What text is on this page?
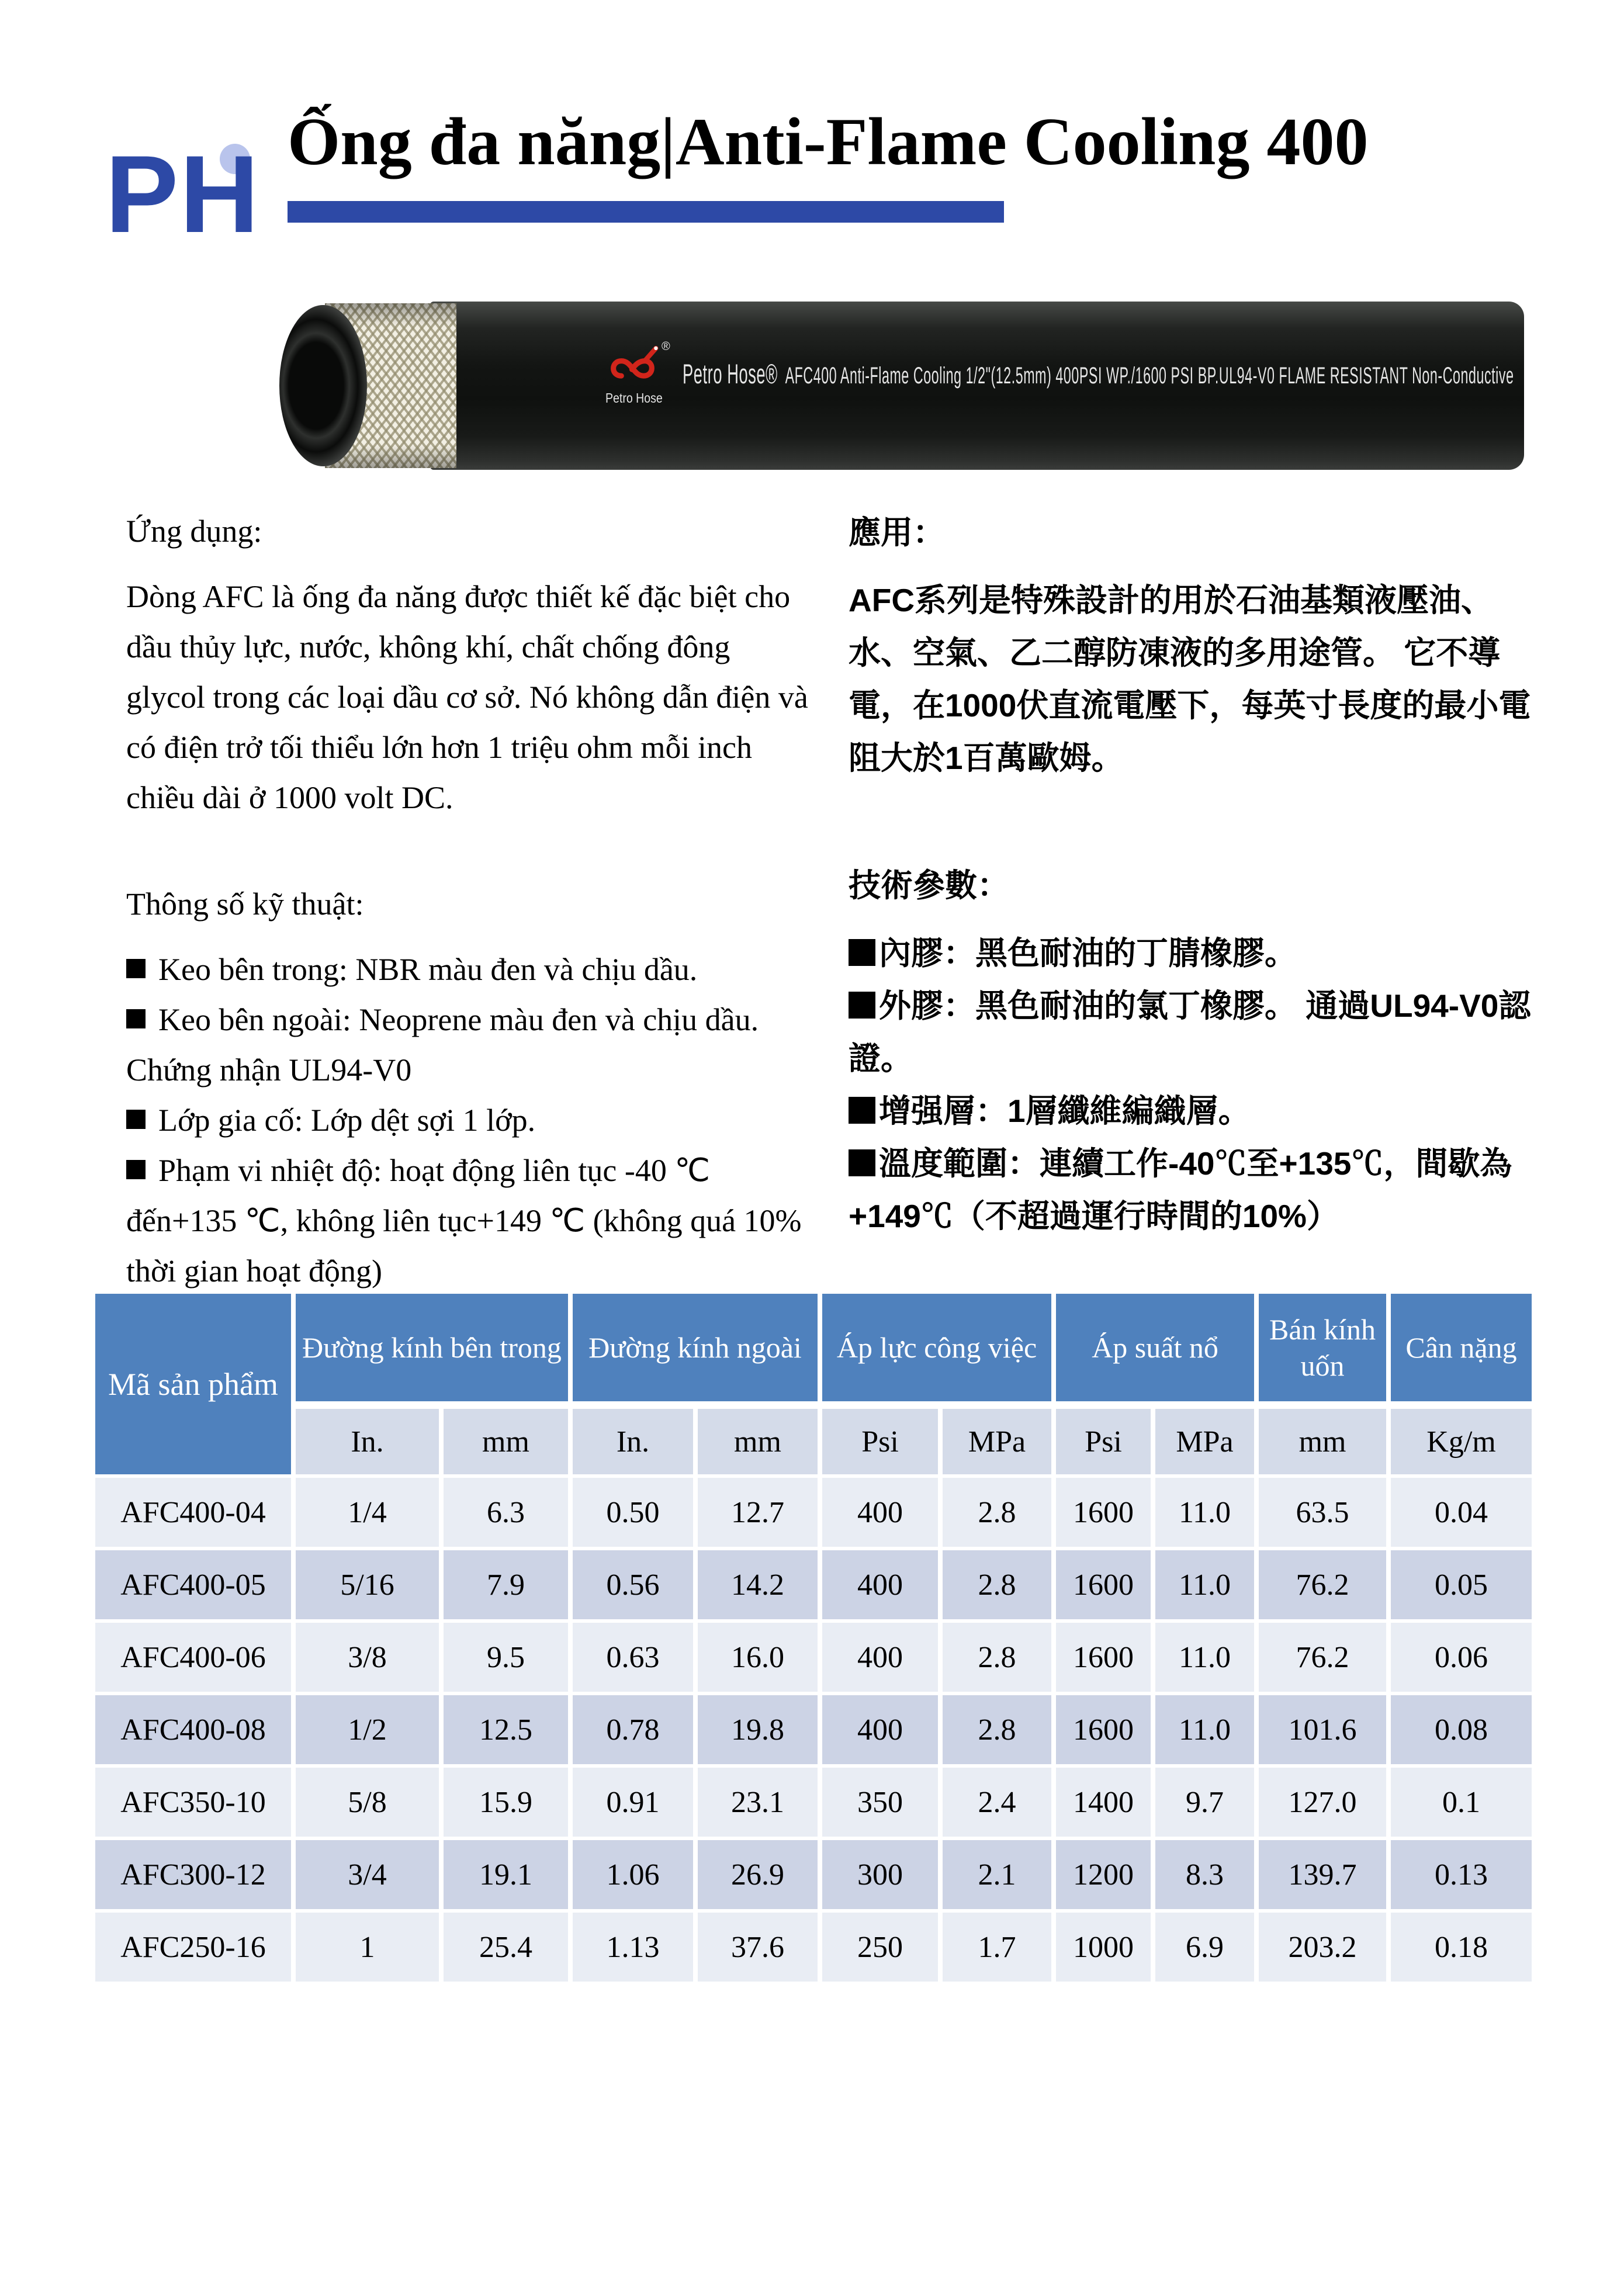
PH Ống đa năng|Anti-Flame Cooling 400
®
Petro Hose
Petro Hose® AFC400 Anti-Flame Cooling 1/2"(12.5mm) 400PSI WP./1600 PSI BP.UL94-V0 FLAME RESISTANT Non-Conductive
Ứng dụng:

Dòng AFC là ống đa năng được thiết kế đặc biệt cho dầu thủy lực, nước, không khí, chất chống đông glycol trong các loại dầu cơ sở. Nó không dẫn điện và có điện trở tối thiểu lớn hơn 1 triệu ohm mỗi inch chiều dài ở 1000 volt DC.

Thông số kỹ thuật:
Keo bên trong: NBR màu đen và chịu dầu.
Keo bên ngoài: Neoprene màu đen và chịu dầu. Chứng nhận UL94-V0
Lớp gia cố: Lớp dệt sợi 1 lớp.
Phạm vi nhiệt độ: hoạt động liên tục -40 ℃ đến+135 ℃, không liên tục+149 ℃ (không quá 10% thời gian hoạt động)
應用：

AFC系列是特殊設計的用於石油基類液壓油、水、空氣、乙二醇防凍液的多用途管。 它不導電，在1000伏直流電壓下，每英寸長度的最小電阻大於1百萬歐姆。

技術參數：
內膠：黑色耐油的丁腈橡膠。
外膠：黑色耐油的氯丁橡膠。 通過UL94-V0認證。
增强層：1層纖維編織層。
溫度範圍：連續工作-40℃至+135℃，間歇為+149℃（不超過運行時間的10%）
Mã sản phẩm	Đường kính bên trong		Đường kính ngoài		Áp lực công việc		Áp suất nổ		Bán kính uốn	Cân nặng
	In.	mm	In.	mm	Psi	MPa	Psi	MPa	mm	Kg/m
AFC400-04	1/4	6.3	0.50	12.7	400	2.8	1600	11.0	63.5	0.04
AFC400-05	5/16	7.9	0.56	14.2	400	2.8	1600	11.0	76.2	0.05
AFC400-06	3/8	9.5	0.63	16.0	400	2.8	1600	11.0	76.2	0.06
AFC400-08	1/2	12.5	0.78	19.8	400	2.8	1600	11.0	101.6	0.08
AFC350-10	5/8	15.9	0.91	23.1	350	2.4	1400	9.7	127.0	0.1
AFC300-12	3/4	19.1	1.06	26.9	300	2.1	1200	8.3	139.7	0.13
AFC250-16	1	25.4	1.13	37.6	250	1.7	1000	6.9	203.2	0.18
